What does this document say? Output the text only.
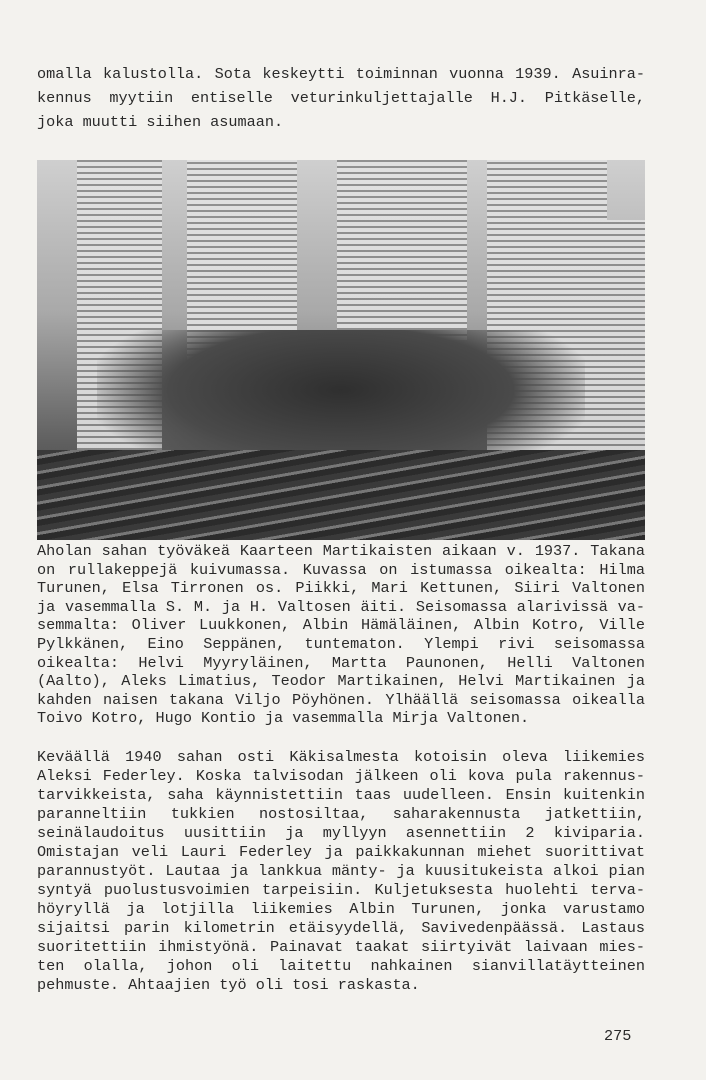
omalla kalustolla. Sota keskeytti toiminnan vuonna 1939. Asuinra-
kennus myytiin entiselle veturinkuljettajalle H.J. Pitkäselle,
joka muutti siihen asumaan.
Aholan sahan työväkeä Kaarteen Martikaisten aikaan v. 1937. Takana
on rullakeppejä kuivumassa. Kuvassa on istumassa oikealta: Hilma
Turunen, Elsa Tirronen os. Piikki, Mari Kettunen, Siiri Valtonen
ja vasemmalla S. M. ja H. Valtosen äiti. Seisomassa alarivissä va-
semmalta: Oliver Luukkonen, Albin Hämäläinen, Albin Kotro, Ville
Pylkkänen, Eino Seppänen, tuntematon. Ylempi rivi seisomassa
oikealta: Helvi Myyryläinen, Martta Paunonen, Helli Valtonen
(Aalto), Aleks Limatius, Teodor Martikainen, Helvi Martikainen ja
kahden naisen takana Viljo Pöyhönen. Ylhäällä seisomassa oikealla
Toivo Kotro, Hugo Kontio ja vasemmalla Mirja Valtonen.
Keväällä 1940 sahan osti Käkisalmesta kotoisin oleva liikemies
Aleksi Federley. Koska talvisodan jälkeen oli kova pula rakennus-
tarvikkeista, saha käynnistettiin taas uudelleen. Ensin kuitenkin
paranneltiin tukkien nostosiltaa, saharakennusta jatkettiin,
seinälaudoitus uusittiin ja myllyyn asennettiin 2 kiviparia.
Omistajan veli Lauri Federley ja paikkakunnan miehet suorittivat
parannustyöt. Lautaa ja lankkua mänty- ja kuusitukeista alkoi pian
syntyä puolustusvoimien tarpeisiin. Kuljetuksesta huolehti terva-
höyryllä ja lotjilla liikemies Albin Turunen, jonka varustamo
sijaitsi parin kilometrin etäisyydellä, Savivedenpäässä. Lastaus
suoritettiin ihmistyönä. Painavat taakat siirtyivät laivaan mies-
ten olalla, johon oli laitettu nahkainen sianvillatäytteinen
pehmuste. Ahtaajien työ oli tosi raskasta.
275
